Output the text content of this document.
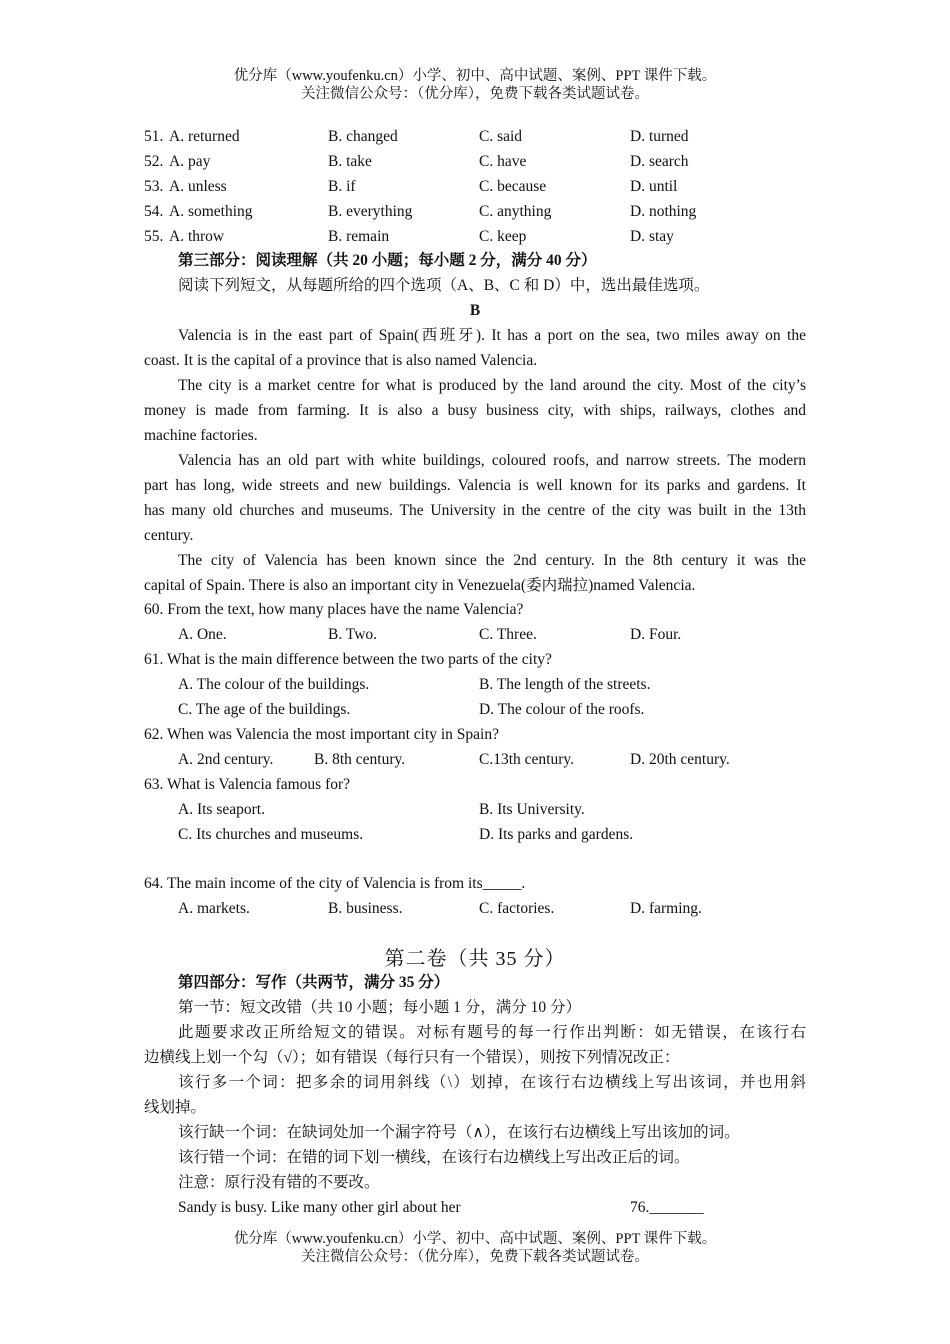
优分库（www.youfenku.cn）小学、初中、高中试题、案例、PPT 课件下载。
关注微信公众号：（优分库），免费下载各类试题试卷。
51. A. returned	B. changed	C. said	D. turned
52. A. pay	B. take	C. have	D. search
53. A. unless	B. if	C. because	D. until
54. A. something	B. everything	C. anything	D. nothing
55. A. throw	B. remain	C. keep	D. stay
第三部分：阅读理解（共 20 小题；每小题 2 分，满分 40 分）
阅读下列短文，从每题所给的四个选项（A、B、C 和 D）中，选出最佳选项。
B
Valencia is in the east part of Spain(西班牙). It has a port on the sea, two miles away on the
coast. It is the capital of a province that is also named Valencia.
The city is a market centre for what is produced by the land around the city. Most of the city’s
money is made from farming. It is also a busy business city, with ships, railways, clothes and
machine factories.
Valencia has an old part with white buildings, coloured roofs, and narrow streets. The modern
part has long, wide streets and new buildings. Valencia is well known for its parks and gardens. It
has many old churches and museums. The University in the centre of the city was built in the 13th
century.
The city of Valencia has been known since the 2nd century. In the 8th century it was the
capital of Spain. There is also an important city in Venezuela(委内瑞拉)named Valencia.
60. From the text, how many places have the name Valencia?
A. One.	B. Two.	C. Three.	D. Four.
61. What is the main difference between the two parts of the city?
A. The colour of the buildings.	B. The length of the streets.
C. The age of the buildings.	D. The colour of the roofs.
62. When was Valencia the most important city in Spain?
A. 2nd century.	B. 8th century.	C.13th century.	D. 20th century.
63. What is Valencia famous for?
A. Its seaport.	B. Its University.
C. Its churches and museums.	D. Its parks and gardens.
64. The main income of the city of Valencia is from its_____.
A. markets.	B. business.	C. factories.	D. farming.
第二卷（共 35 分）
第四部分：写作（共两节，满分 35 分）
第一节：短文改错（共 10 小题；每小题 1 分，满分 10 分）
此题要求改正所给短文的错误。对标有题号的每一行作出判断：如无错误，在该行右
边横线上划一个勾（√）；如有错误（每行只有一个错误），则按下列情况改正：
该行多一个词：把多余的词用斜线（\）划掉，在该行右边横线上写出该词，并也用斜
线划掉。
该行缺一个词：在缺词处加一个漏字符号（∧），在该行右边横线上写出该加的词。
该行错一个词：在错的词下划一横线，在该行右边横线上写出改正后的词。
注意：原行没有错的不要改。
Sandy is busy. Like many other girl about her	76._______
优分库（www.youfenku.cn）小学、初中、高中试题、案例、PPT 课件下载。
关注微信公众号：（优分库），免费下载各类试题试卷。
